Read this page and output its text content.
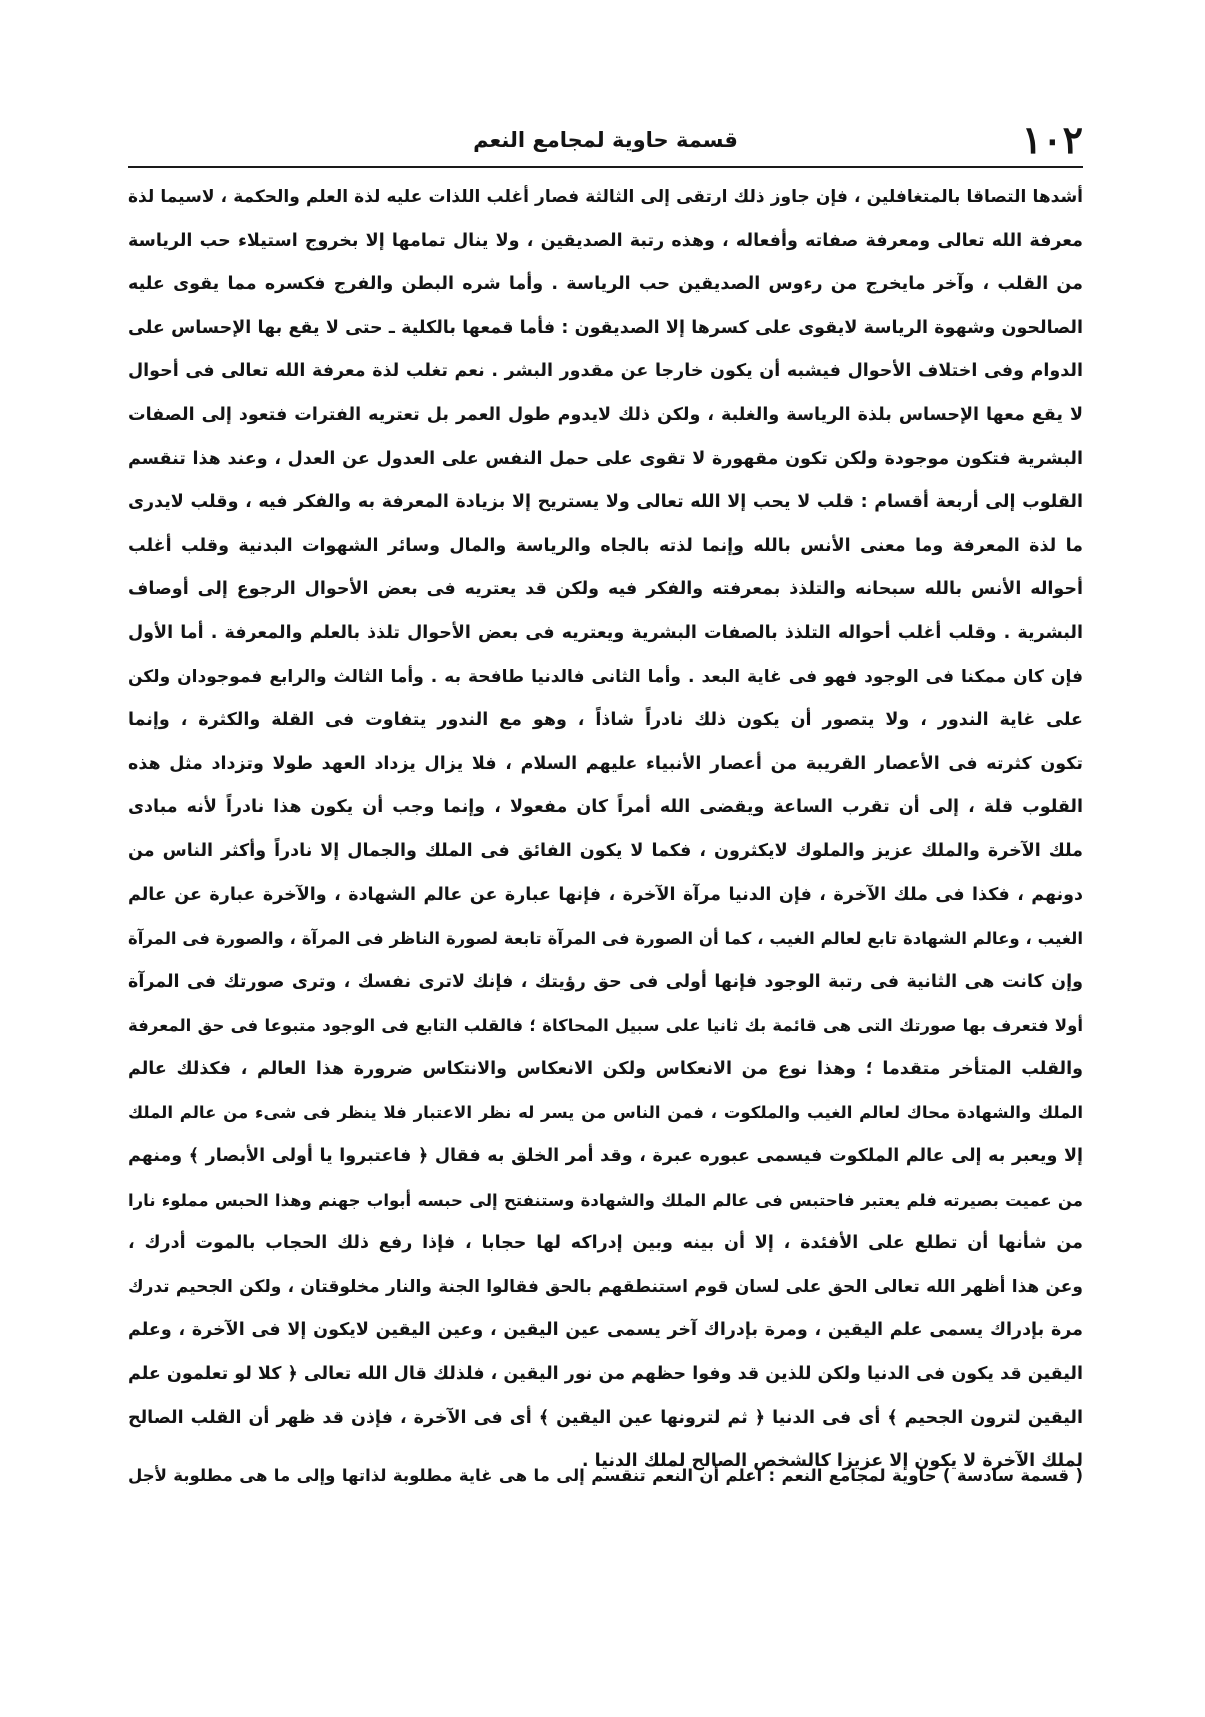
١٠٢
قسمة حاوية لمجامع النعم
أشدها التصاقا بالمتغافلين ، فإن جاوز ذلك ارتقى إلى الثالثة فصار أغلب اللذات عليه لذة العلم والحكمة ، لاسيما لذة
معرفة الله تعالى ومعرفة صفاته وأفعاله ، وهذه رتبة الصديقين ، ولا ينال تمامها إلا بخروج استيلاء حب الرياسة
من القلب ، وآخر مايخرج من رءوس الصديقين حب الرياسة . وأما شره البطن والفرج فكسره مما يقوى عليه
الصالحون وشهوة الرياسة لايقوى على كسرها إلا الصديقون : فأما قمعها بالكلية ـ حتى لا يقع بها الإحساس على
الدوام وفى اختلاف الأحوال فيشبه أن يكون خارجا عن مقدور البشر . نعم تغلب لذة معرفة الله تعالى فى أحوال
لا يقع معها الإحساس بلذة الرياسة والغلبة ، ولكن ذلك لايدوم طول العمر بل تعتريه الفترات فتعود إلى الصفات
البشرية فتكون موجودة ولكن تكون مقهورة لا تقوى على حمل النفس على العدول عن العدل ، وعند هذا تنقسم
القلوب إلى أربعة أقسام : قلب لا يحب إلا الله تعالى ولا يستريح إلا بزيادة المعرفة به والفكر فيه ، وقلب لايدرى
ما لذة المعرفة وما معنى الأنس بالله وإنما لذته بالجاه والرياسة والمال وسائر الشهوات البدنية وقلب أغلب
أحواله الأنس بالله سبحانه والتلذذ بمعرفته والفكر فيه ولكن قد يعتريه فى بعض الأحوال الرجوع إلى أوصاف
البشرية . وقلب أغلب أحواله التلذذ بالصفات البشرية ويعتريه فى بعض الأحوال تلذذ بالعلم والمعرفة . أما الأول
فإن كان ممكنا فى الوجود فهو فى غاية البعد . وأما الثانى فالدنيا طافحة به . وأما الثالث والرابع فموجودان ولكن
على غاية الندور ، ولا يتصور أن يكون ذلك نادراً شاذاً ، وهو مع الندور يتفاوت فى القلة والكثرة ، وإنما
تكون كثرته فى الأعصار القريبة من أعصار الأنبياء عليهم السلام ، فلا يزال يزداد العهد طولا وتزداد مثل هذه
القلوب قلة ، إلى أن تقرب الساعة ويقضى الله أمراً كان مفعولا ، وإنما وجب أن يكون هذا نادراً لأنه مبادى
ملك الآخرة والملك عزيز والملوك لايكثرون ، فكما لا يكون الفائق فى الملك والجمال إلا نادراً وأكثر الناس من
دونهم ، فكذا فى ملك الآخرة ، فإن الدنيا مرآة الآخرة ، فإنها عبارة عن عالم الشهادة ، والآخرة عبارة عن عالم
الغيب ، وعالم الشهادة تابع لعالم الغيب ، كما أن الصورة فى المرآة تابعة لصورة الناظر فى المرآة ، والصورة فى المرآة
وإن كانت هى الثانية فى رتبة الوجود فإنها أولى فى حق رؤيتك ، فإنك لاترى نفسك ، وترى صورتك فى المرآة
أولا فتعرف بها صورتك التى هى قائمة بك ثانيا على سبيل المحاكاة ؛ فالقلب التابع فى الوجود متبوعا فى حق المعرفة
والقلب المتأخر متقدما ؛ وهذا نوع من الانعكاس ولكن الانعكاس والانتكاس ضرورة هذا العالم ، فكذلك عالم
الملك والشهادة محاك لعالم الغيب والملكوت ، فمن الناس من يسر له نظر الاعتبار فلا ينظر فى شىء من عالم الملك
إلا ويعبر به إلى عالم الملكوت فيسمى عبوره عبرة ، وقد أمر الخلق به فقال ﴿ فاعتبروا يا أولى الأبصار ﴾ ومنهم
من عميت بصيرته فلم يعتبر فاحتبس فى عالم الملك والشهادة وستنفتح إلى حبسه أبواب جهنم وهذا الحبس مملوء نارا
من شأنها أن تطلع على الأفئدة ، إلا أن بينه وبين إدراكه لها حجابا ، فإذا رفع ذلك الحجاب بالموت أدرك ،
وعن هذا أظهر الله تعالى الحق على لسان قوم استنطقهم بالحق فقالوا الجنة والنار مخلوقتان ، ولكن الجحيم تدرك
مرة بإدراك يسمى علم اليقين ، ومرة بإدراك آخر يسمى عين اليقين ، وعين اليقين لايكون إلا فى الآخرة ، وعلم
اليقين قد يكون فى الدنيا ولكن للذين قد وفوا حظهم من نور اليقين ، فلذلك قال الله تعالى ﴿ كلا لو تعلمون علم
اليقين لترون الجحيم ﴾ أى فى الدنيا ﴿ ثم لترونها عين اليقين ﴾ أى فى الآخرة ، فإذن قد ظهر أن القلب الصالح
لملك الآخرة لا يكون إلا عزيزا كالشخص الصالح لملك الدنيا .
( قسمة سادسة ) حاوية لمجامع النعم : اعلم أن النعم تنقسم إلى ما هى غاية مطلوبة لذاتها وإلى ما هى مطلوبة لأجل
